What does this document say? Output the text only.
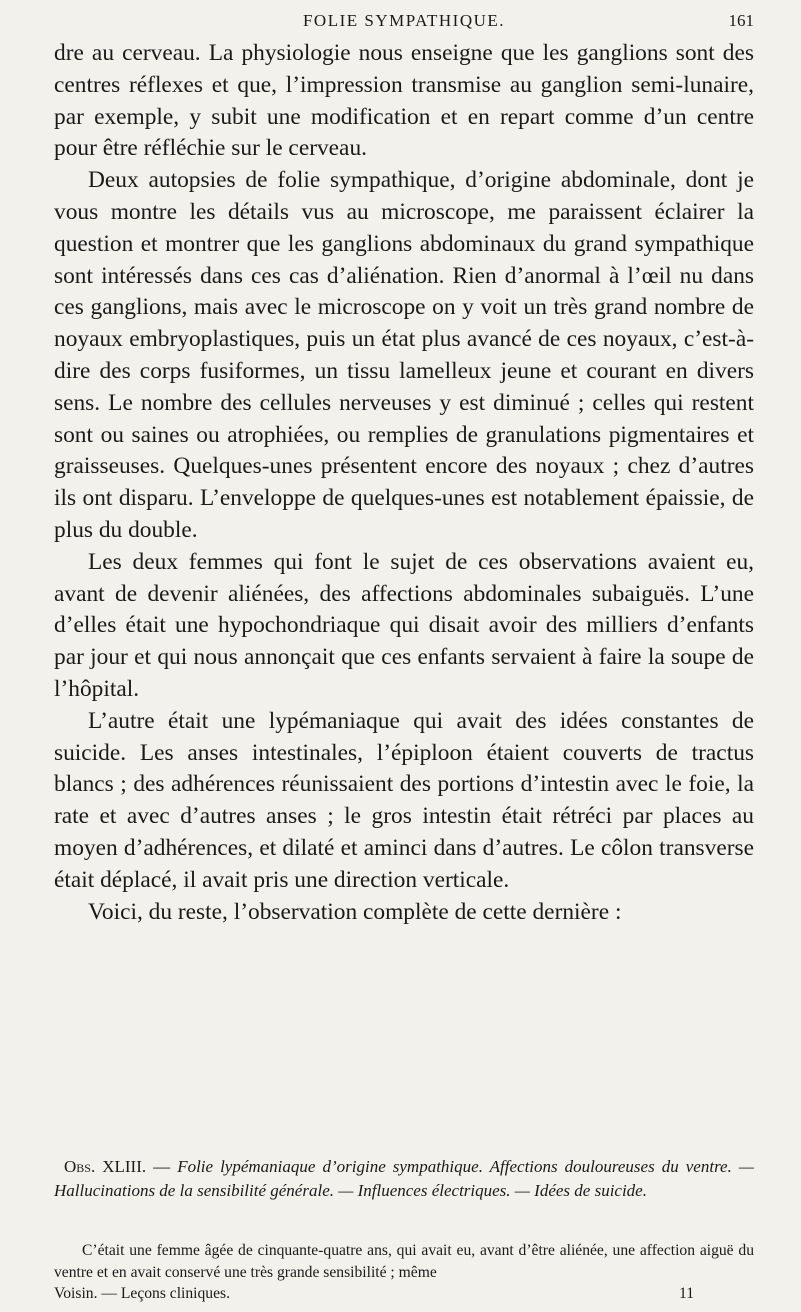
FOLIE SYMPATHIQUE.	161

dre au cerveau. La physiologie nous enseigne que les ganglions sont des centres réflexes et que, l’impression transmise au ganglion semi-lunaire, par exemple, y subit une modification et en repart comme d’un centre pour être réfléchie sur le cerveau.

Deux autopsies de folie sympathique, d’origine abdominale, dont je vous montre les détails vus au microscope, me paraissent éclairer la question et montrer que les ganglions abdominaux du grand sympathique sont intéressés dans ces cas d’aliénation. Rien d’anormal à l’œil nu dans ces ganglions, mais avec le microscope on y voit un très grand nombre de noyaux embryoplastiques, puis un état plus avancé de ces noyaux, c’est-à-dire des corps fusiformes, un tissu lamelleux jeune et courant en divers sens. Le nombre des cellules nerveuses y est diminué ; celles qui restent sont ou saines ou atrophiées, ou remplies de granulations pigmentaires et graisseuses. Quelques-unes présentent encore des noyaux ; chez d’autres ils ont disparu. L’enveloppe de quelques-unes est notablement épaissie, de plus du double.

Les deux femmes qui font le sujet de ces observations avaient eu, avant de devenir aliénées, des affections abdominales subaiguës. L’une d’elles était une hypochondriaque qui disait avoir des milliers d’enfants par jour et qui nous annonçait que ces enfants servaient à faire la soupe de l’hôpital.

L’autre était une lypémaniaque qui avait des idées constantes de suicide. Les anses intestinales, l’épiploon étaient couverts de tractus blancs ; des adhérences réunissaient des portions d’intestin avec le foie, la rate et avec d’autres anses ; le gros intestin était rétréci par places au moyen d’adhérences, et dilaté et aminci dans d’autres. Le côlon transverse était déplacé, il avait pris une direction verticale.

Voici, du reste, l’observation complète de cette dernière :

Obs. XLIII. — Folie lypémaniaque d’origine sympathique. Affections douloureuses du ventre. — Hallucinations de la sensibilité générale. — Influences électriques. — Idées de suicide.

C’était une femme âgée de cinquante-quatre ans, qui avait eu, avant d’être aliénée, une affection aiguë du ventre et en avait conservé une très grande sensibilité ; même

Voisin. — Leçons cliniques.	11
